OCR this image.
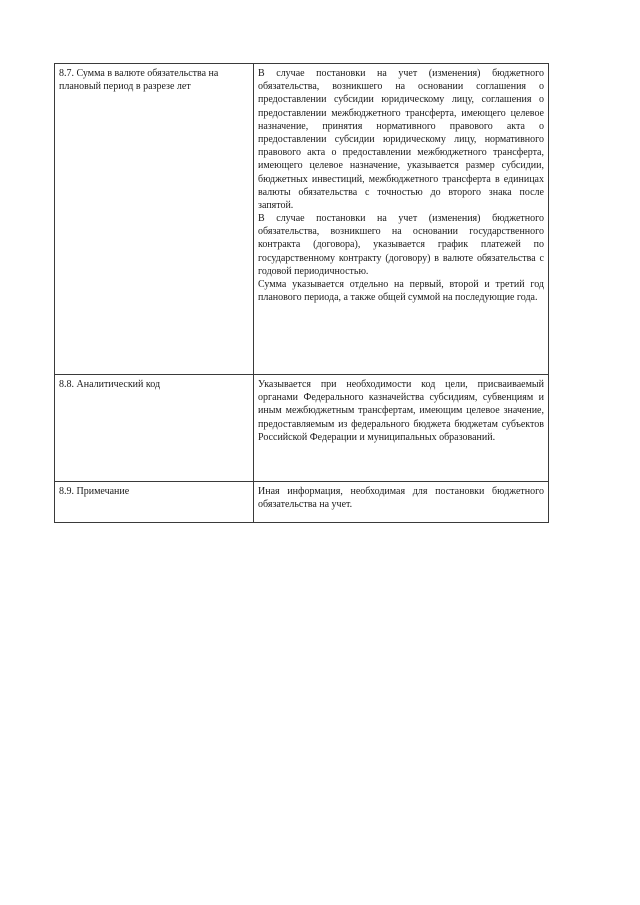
8.7. Сумма в валюте обязательства на плановый период в разрезе лет	В случае постановки на учет (изменения) бюджетного обязательства, возникшего на основании соглашения о предоставлении субсидии юридическому лицу, соглашения о предоставлении межбюджетного трансферта, имеющего целевое назначение, принятия нормативного правового акта о предоставлении субсидии юридическому лицу, нормативного правового акта о предоставлении межбюджетного трансферта, имеющего целевое назначение, указывается размер субсидии, бюджетных инвестиций, межбюджетного трансферта в единицах валюты обязательства с точностью до второго знака после запятой.

В случае постановки на учет (изменения) бюджетного обязательства, возникшего на основании государственного контракта (договора), указывается график платежей по государственному контракту (договору) в валюте обязательства с годовой периодичностью.

Сумма указывается отдельно на первый, второй и третий год планового периода, а также общей суммой на последующие года.

8.8. Аналитический код	Указывается при необходимости код цели, присваиваемый органами Федерального казначейства субсидиям, субвенциям и иным межбюджетным трансфертам, имеющим целевое значение, предоставляемым из федерального бюджета бюджетам субъектов Российской Федерации и муниципальных образований.

8.9. Примечание	Иная информация, необходимая для постановки бюджетного обязательства на учет.
